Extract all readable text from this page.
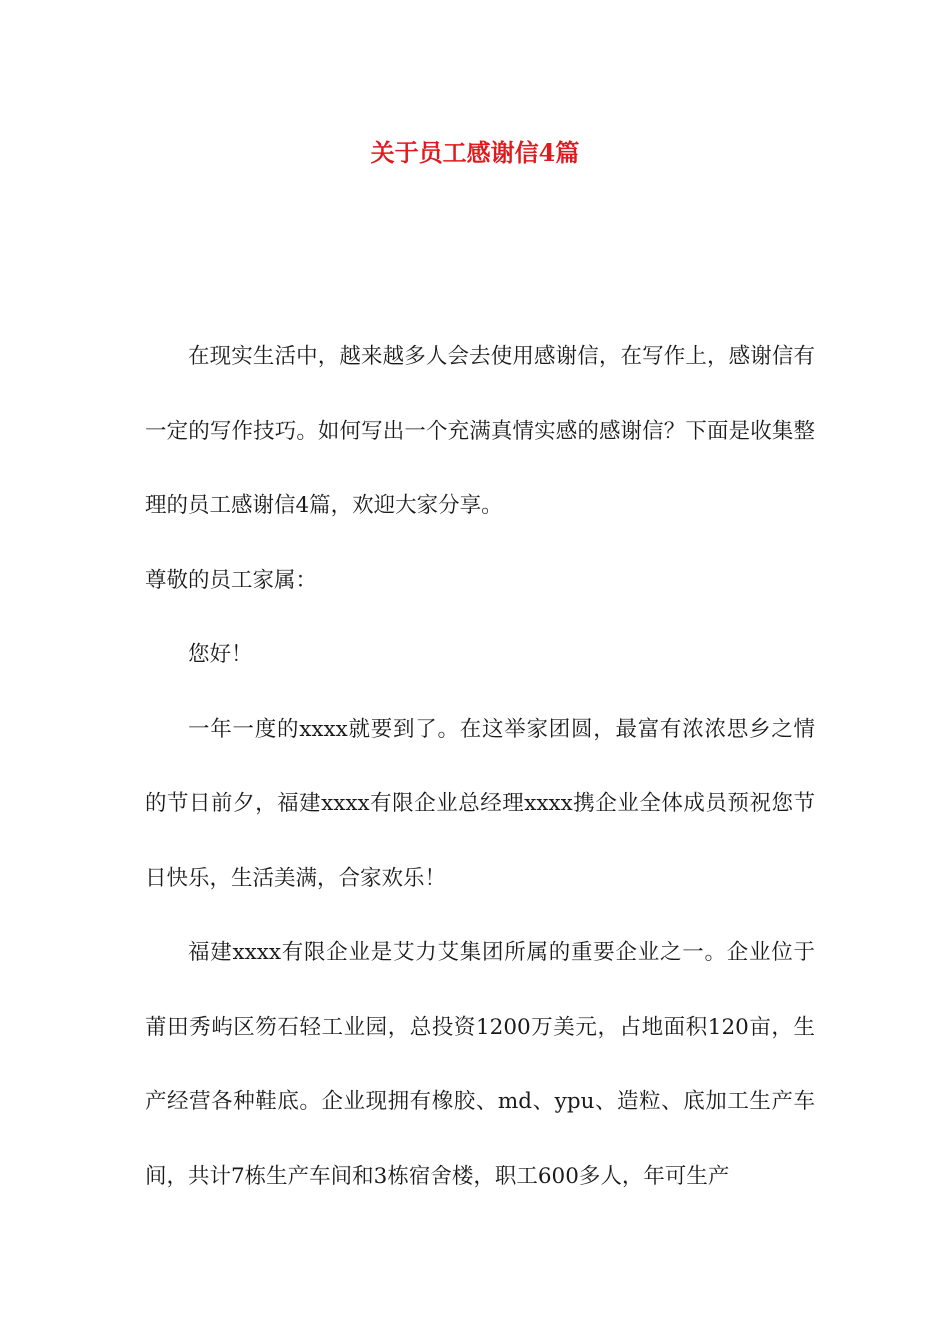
关于员工感谢信4篇

在现实生活中，越来越多人会去使用感谢信，在写作上，感谢信有一定的写作技巧。如何写出一个充满真情实感的感谢信？下面是收集整理的员工感谢信4篇，欢迎大家分享。

尊敬的员工家属：

您好！

一年一度的xxxx就要到了。在这举家团圆，最富有浓浓思乡之情的节日前夕，福建xxxx有限企业总经理xxxx携企业全体成员预祝您节日快乐，生活美满，合家欢乐！

福建xxxx有限企业是艾力艾集团所属的重要企业之一。企业位于莆田秀屿区笏石轻工业园，总投资1200万美元，占地面积120亩，生产经营各种鞋底。企业现拥有橡胶、md、ypu、造粒、底加工生产车间，共计7栋生产车间和3栋宿舍楼，职工600多人，年可生产
